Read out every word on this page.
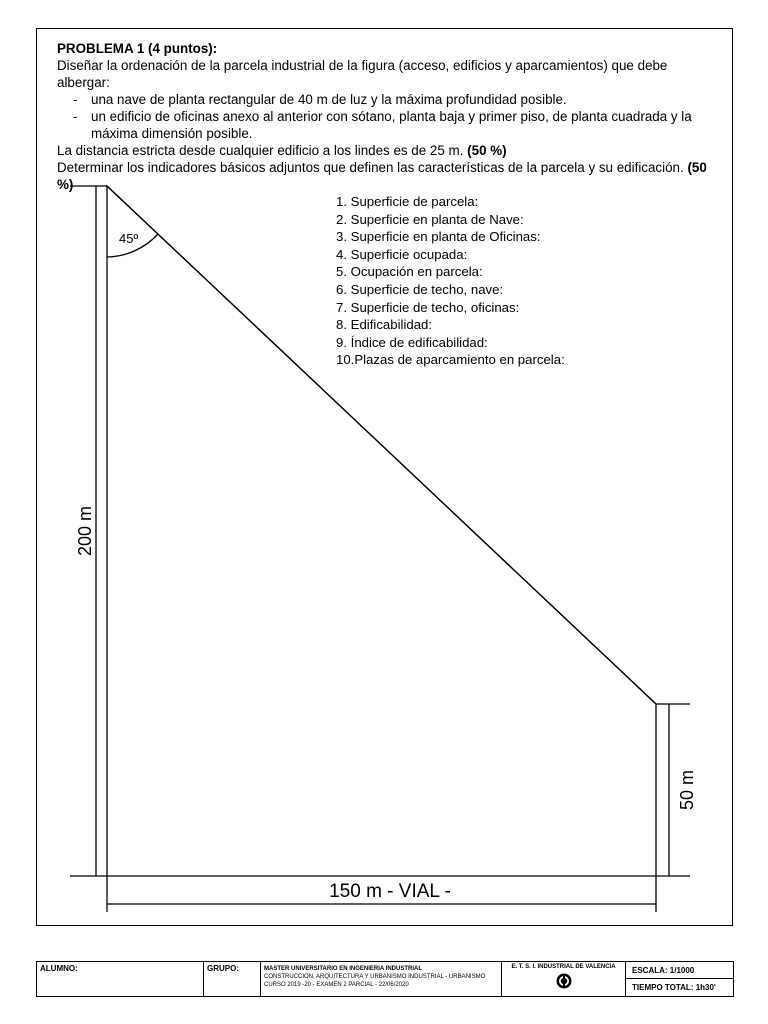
PROBLEMA 1 (4 puntos):

Diseñar la ordenación de la parcela industrial de la figura (acceso, edificios y aparcamientos) que debe albergar:

- una nave de planta rectangular de 40 m de luz y la máxima profundidad posible.
- un edificio de oficinas anexo al anterior con sótano, planta baja y primer piso, de planta cuadrada y la máxima dimensión posible.

La distancia estricta desde cualquier edificio a los lindes es de 25 m. (50 %)

Determinar los indicadores básicos adjuntos que definen las características de la parcela y su edificación. (50 %)

1. Superficie de parcela:
2. Superficie en planta de Nave:
3. Superficie en planta de Oficinas:
4. Superficie ocupada:
5. Ocupación en parcela:
6. Superficie de techo, nave:
7. Superficie de techo, oficinas:
8. Edificabilidad:
9. Índice de edificabilidad:
10.Plazas de aparcamiento en parcela:
45º
200 m
50 m
150 m - VIAL -
ALUMNO:	GRUPO:	MASTER UNIVERSITARIO EN INGENIERIA INDUSTRIAL
CONSTRUCCION, ARQUITECTURA Y URBANISMO INDUSTRIAL - URBANISMO
CURSO 2019 -20 - EXAMEN 2 PARCIAL - 22/06/2020

E. T. S. I. INDUSTRIAL DE VALENCIA	ESCALA: 1/1000
TIEMPO TOTAL: 1h30'
